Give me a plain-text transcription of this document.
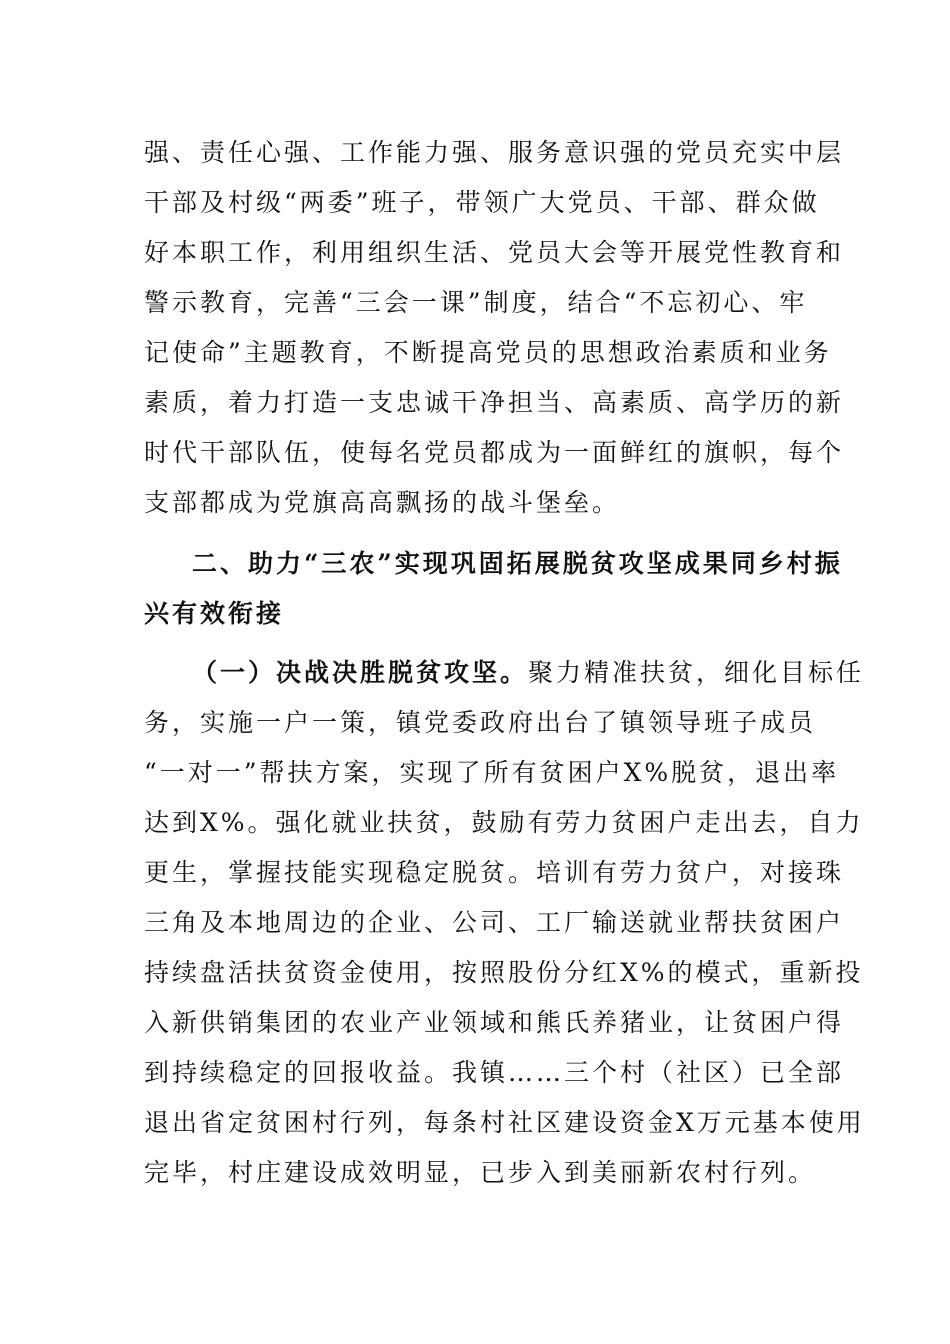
强、责任心强、工作能力强、服务意识强的党员充实中层
干部及村级“两委”班子，带领广大党员、干部、群众做
好本职工作，利用组织生活、党员大会等开展党性教育和
警示教育，完善“三会一课”制度，结合“不忘初心、牢
记使命”主题教育，不断提高党员的思想政治素质和业务
素质，着力打造一支忠诚干净担当、高素质、高学历的新
时代干部队伍，使每名党员都成为一面鲜红的旗帜，每个
支部都成为党旗高高飘扬的战斗堡垒。
二、助力“三农”实现巩固拓展脱贫攻坚成果同乡村振
兴有效衔接
（一）决战决胜脱贫攻坚。聚力精准扶贫，细化目标任
务，实施一户一策，镇党委政府出台了镇领导班子成员
“一对一”帮扶方案，实现了所有贫困户X%脱贫，退出率
达到X%。强化就业扶贫，鼓励有劳力贫困户走出去，自力
更生，掌握技能实现稳定脱贫。培训有劳力贫户，对接珠
三角及本地周边的企业、公司、工厂输送就业帮扶贫困户
持续盘活扶贫资金使用，按照股份分红X%的模式，重新投
入新供销集团的农业产业领域和熊氏养猪业，让贫困户得
到持续稳定的回报收益。我镇……三个村（社区）已全部
退出省定贫困村行列，每条村社区建设资金X万元基本使用
完毕，村庄建设成效明显，已步入到美丽新农村行列。
